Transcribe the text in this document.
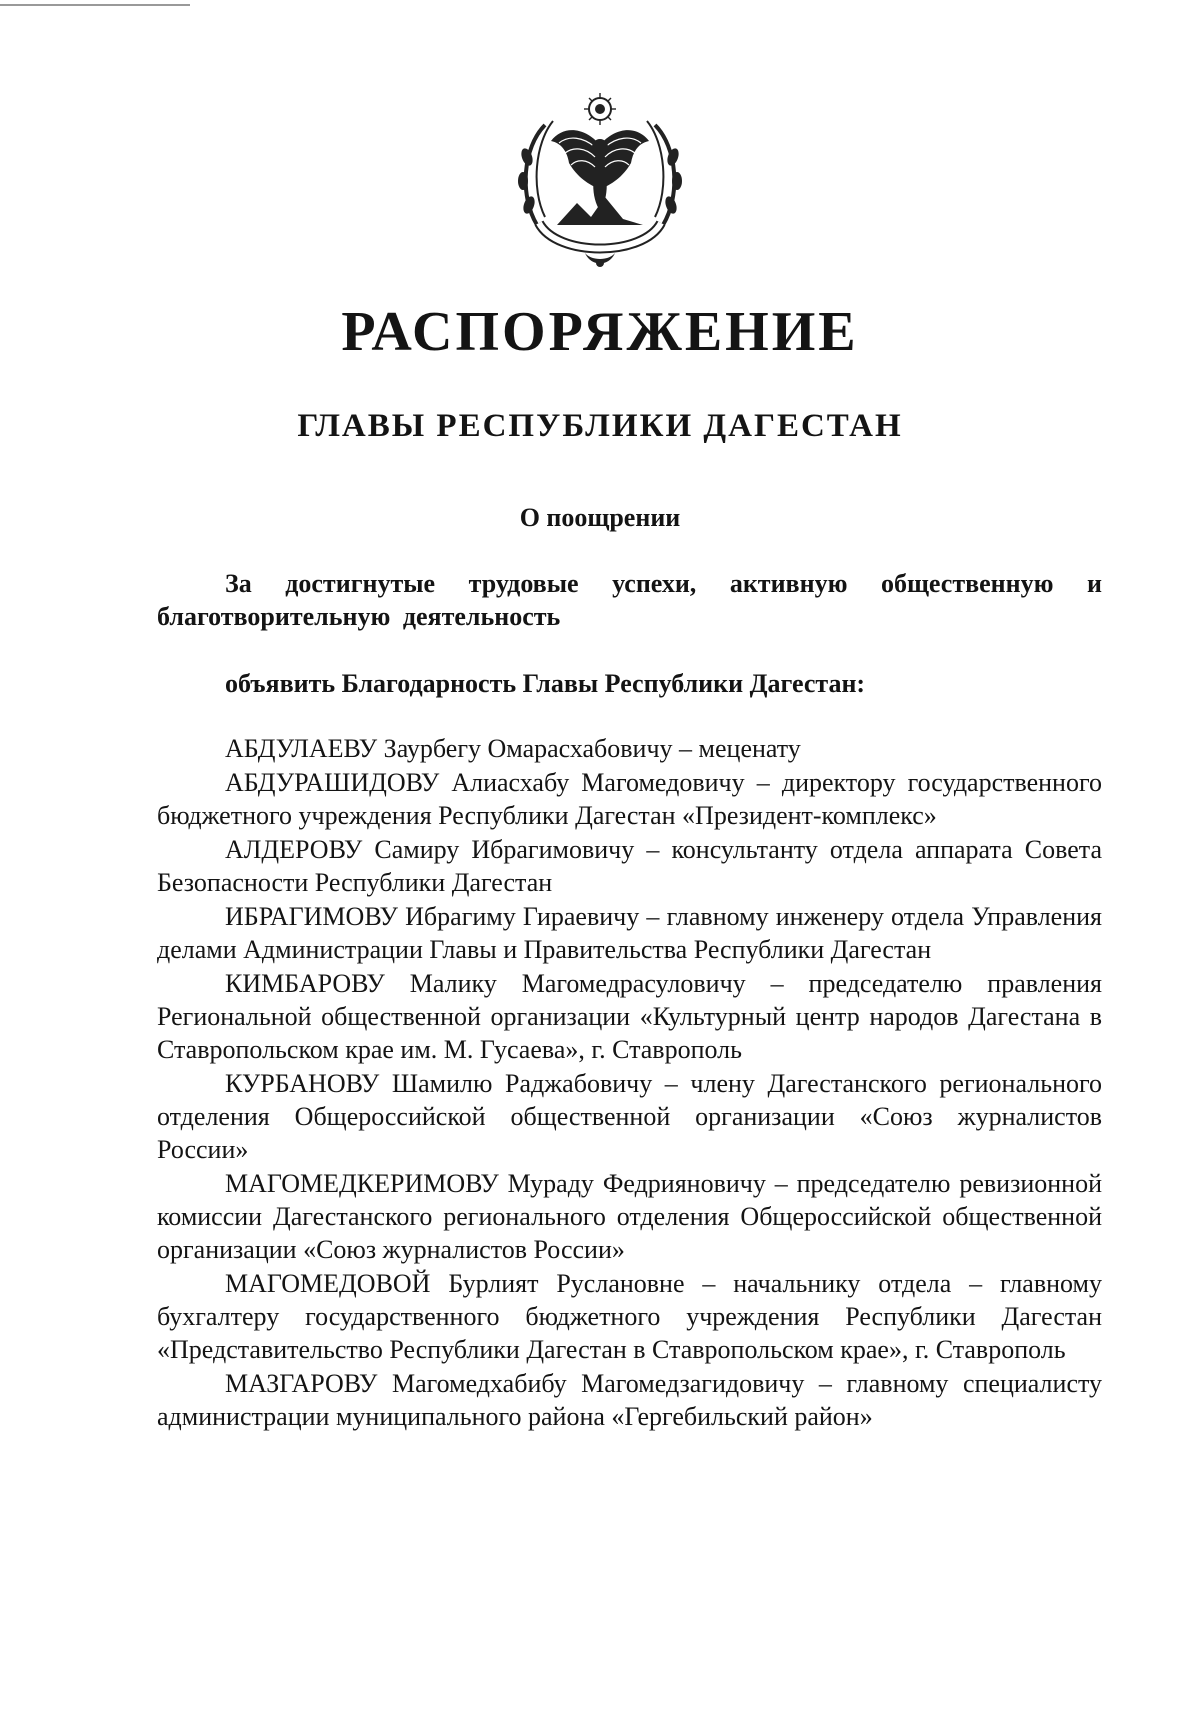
РАСПОРЯЖЕНИЕ
ГЛАВЫ РЕСПУБЛИКИ ДАГЕСТАН
О поощрении
За достигнутые трудовые успехи, активную общественную и благотворительную деятельность
объявить Благодарность Главы Республики Дагестан:

АБДУЛАЕВУ Заурбегу Омарасхабовичу – меценату

АБДУРАШИДОВУ Алиасхабу Магомедовичу – директору государственного бюджетного учреждения Республики Дагестан «Президент-комплекс»

АЛДЕРОВУ Самиру Ибрагимовичу – консультанту отдела аппарата Совета Безопасности Республики Дагестан

ИБРАГИМОВУ Ибрагиму Гираевичу – главному инженеру отдела Управления делами Администрации Главы и Правительства Республики Дагестан

КИМБАРОВУ Малику Магомедрасуловичу – председателю правления Региональной общественной организации «Культурный центр народов Дагестана в Ставропольском крае им. М. Гусаева», г. Ставрополь

КУРБАНОВУ Шамилю Раджабовичу – члену Дагестанского регионального отделения Общероссийской общественной организации «Союз журналистов России»

МАГОМЕДКЕРИМОВУ Мураду Федрияновичу – председателю ревизионной комиссии Дагестанского регионального отделения Общероссийской общественной организации «Союз журналистов России»

МАГОМЕДОВОЙ Бурлият Руслановне – начальнику отдела – главному бухгалтеру государственного бюджетного учреждения Республики Дагестан «Представительство Республики Дагестан в Ставропольском крае», г. Ставрополь

МАЗГАРОВУ Магомедхабибу Магомедзагидовичу – главному специалисту администрации муниципального района «Гергебильский район»
